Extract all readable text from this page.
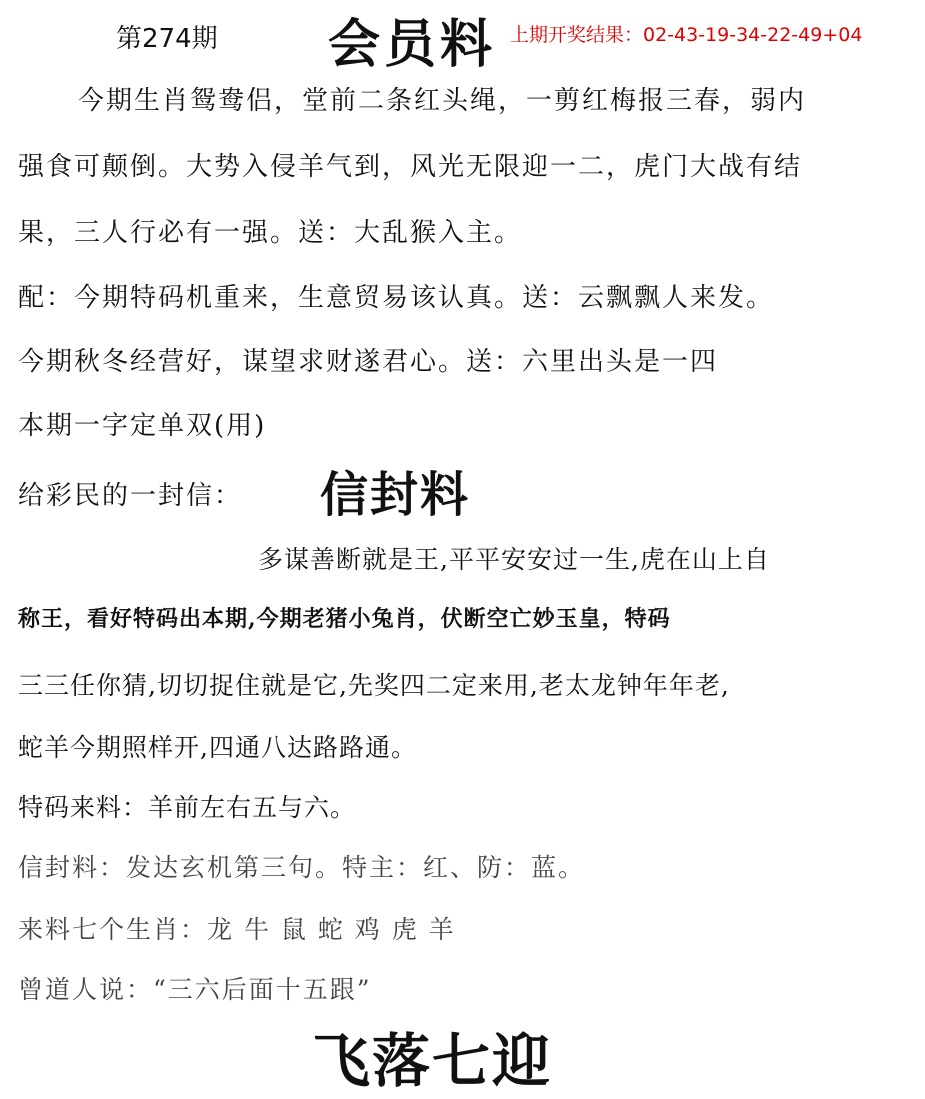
第274期 会员料 上期开奖结果：02-43-19-34-22-49+04
今期生肖鸳鸯侣，堂前二条红头绳，一剪红梅报三春，弱内
强食可颠倒。大势入侵羊气到，风光无限迎一二，虎门大战有结
果，三人行必有一强。送：大乱猴入主。
配：今期特码机重来，生意贸易该认真。送：云飘飘人来发。
今期秋冬经营好，谋望求财遂君心。送：六里出头是一四
本期一字定单双(用)
给彩民的一封信： 信封料
多谋善断就是王,平平安安过一生,虎在山上自
称王，看好特码出本期,今期老猪小兔肖，伏断空亡妙玉皇，特码
三三任你猜,切切捉住就是它,先奖四二定来用,老太龙钟年年老,
蛇羊今期照样开,四通八达路路通。
特码来料：羊前左右五与六。
信封料：发达玄机第三句。特主：红、防：蓝。
来料七个生肖：龙 牛 鼠 蛇 鸡 虎 羊
曾道人说：“三六后面十五跟”
飞落七迎
